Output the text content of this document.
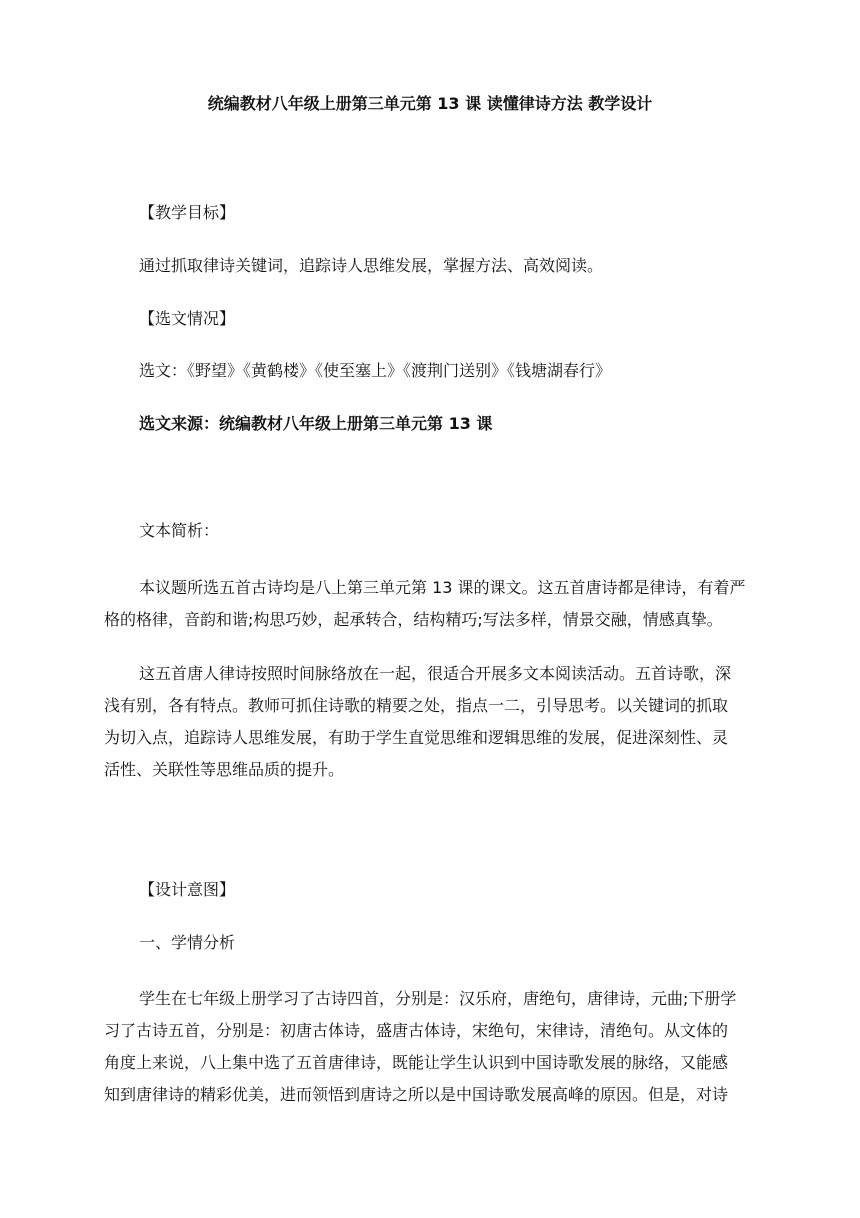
统编教材八年级上册第三单元第 13 课 读懂律诗方法 教学设计
【教学目标】
通过抓取律诗关键词，追踪诗人思维发展，掌握方法、高效阅读。
【选文情况】
选文：《野望》《黄鹤楼》《使至塞上》《渡荆门送别》《钱塘湖春行》
选文来源：统编教材八年级上册第三单元第 13 课
文本简析：
本议题所选五首古诗均是八上第三单元第 13 课的课文。这五首唐诗都是律诗，有着严
格的格律，音韵和谐;构思巧妙，起承转合，结构精巧;写法多样，情景交融，情感真挚。
这五首唐人律诗按照时间脉络放在一起，很适合开展多文本阅读活动。五首诗歌，深
浅有别，各有特点。教师可抓住诗歌的精要之处，指点一二，引导思考。以关键词的抓取
为切入点，追踪诗人思维发展，有助于学生直觉思维和逻辑思维的发展，促进深刻性、灵
活性、关联性等思维品质的提升。
【设计意图】
一、学情分析
学生在七年级上册学习了古诗四首，分别是：汉乐府，唐绝句，唐律诗，元曲;下册学
习了古诗五首，分别是：初唐古体诗，盛唐古体诗，宋绝句，宋律诗，清绝句。从文体的
角度上来说，八上集中选了五首唐律诗，既能让学生认识到中国诗歌发展的脉络，又能感
知到唐律诗的精彩优美，进而领悟到唐诗之所以是中国诗歌发展高峰的原因。但是，对诗
